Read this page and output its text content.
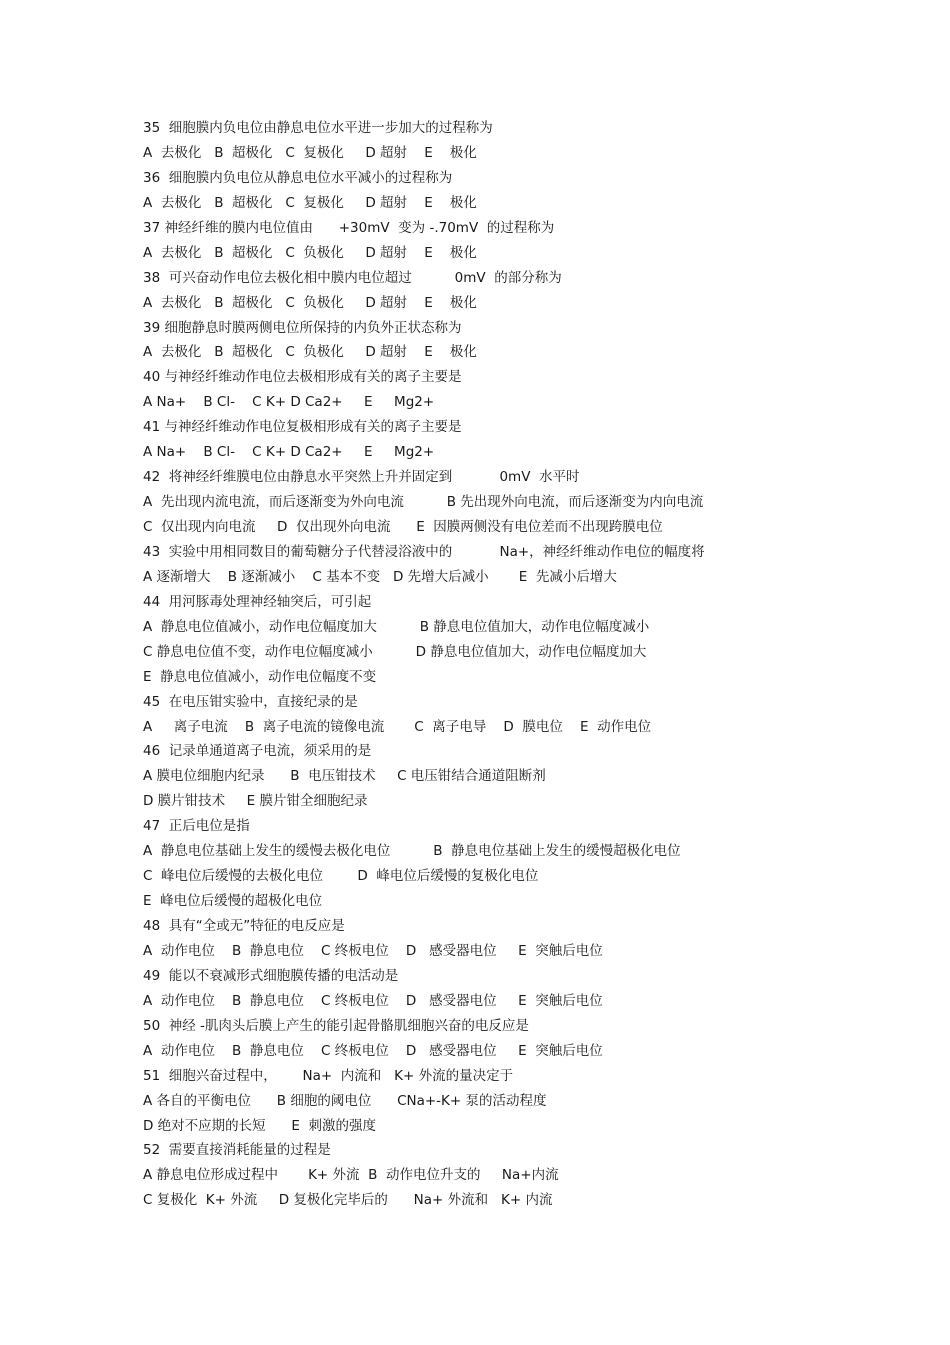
35  细胞膜内负电位由静息电位水平进一步加大的过程称为
A  去极化   B  超极化   C  复极化     D 超射    E    极化
36  细胞膜内负电位从静息电位水平减小的过程称为
A  去极化   B  超极化   C  复极化     D 超射    E    极化
37 神经纤维的膜内电位值由      +30mV  变为 -.70mV  的过程称为
A  去极化   B  超极化   C  负极化     D 超射    E    极化
38  可兴奋动作电位去极化相中膜内电位超过          0mV  的部分称为
A  去极化   B  超极化   C  负极化     D 超射    E    极化
39 细胞静息时膜两侧电位所保持的内负外正状态称为
A  去极化   B  超极化   C  负极化     D 超射    E    极化
40 与神经纤维动作电位去极相形成有关的离子主要是
A Na+    B Cl-    C K+ D Ca2+     E     Mg2+
41 与神经纤维动作电位复极相形成有关的离子主要是
A Na+    B Cl-    C K+ D Ca2+     E     Mg2+
42  将神经纤维膜电位由静息水平突然上升并固定到           0mV  水平时
A  先出现内流电流，而后逐渐变为外向电流          B 先出现外向电流，而后逐渐变为内向电流
C  仅出现内向电流     D  仅出现外向电流      E  因膜两侧没有电位差而不出现跨膜电位
43  实验中用相同数目的葡萄糖分子代替浸浴液中的           Na+，神经纤维动作电位的幅度将
A 逐渐增大    B 逐渐减小    C 基本不变   D 先增大后减小       E  先减小后增大
44  用河豚毒处理神经轴突后，可引起
A  静息电位值减小，动作电位幅度加大          B 静息电位值加大，动作电位幅度减小
C 静息电位值不变，动作电位幅度减小          D 静息电位值加大，动作电位幅度加大
E  静息电位值减小，动作电位幅度不变
45  在电压钳实验中，直接纪录的是
A     离子电流    B  离子电流的镜像电流       C  离子电导    D  膜电位    E  动作电位
46  记录单通道离子电流，须采用的是
A 膜电位细胞内纪录      B  电压钳技术     C 电压钳结合通道阻断剂
D 膜片钳技术     E 膜片钳全细胞纪录
47  正后电位是指
A  静息电位基础上发生的缓慢去极化电位          B  静息电位基础上发生的缓慢超极化电位
C  峰电位后缓慢的去极化电位        D  峰电位后缓慢的复极化电位
E  峰电位后缓慢的超极化电位
48  具有“全或无”特征的电反应是
A  动作电位    B  静息电位    C 终板电位    D   感受器电位     E  突触后电位
49  能以不衰减形式细胞膜传播的电活动是
A  动作电位    B  静息电位    C 终板电位    D   感受器电位     E  突触后电位
50  神经 -肌肉头后膜上产生的能引起骨骼肌细胞兴奋的电反应是
A  动作电位    B  静息电位    C 终板电位    D   感受器电位     E  突触后电位
51  细胞兴奋过程中，      Na+  内流和   K+ 外流的量决定于
A 各自的平衡电位      B 细胞的阈电位      CNa+-K+ 泵的活动程度
D 绝对不应期的长短      E  刺激的强度
52  需要直接消耗能量的过程是
A 静息电位形成过程中       K+ 外流  B  动作电位升支的     Na+内流
C 复极化  K+ 外流     D 复极化完毕后的      Na+ 外流和   K+ 内流
